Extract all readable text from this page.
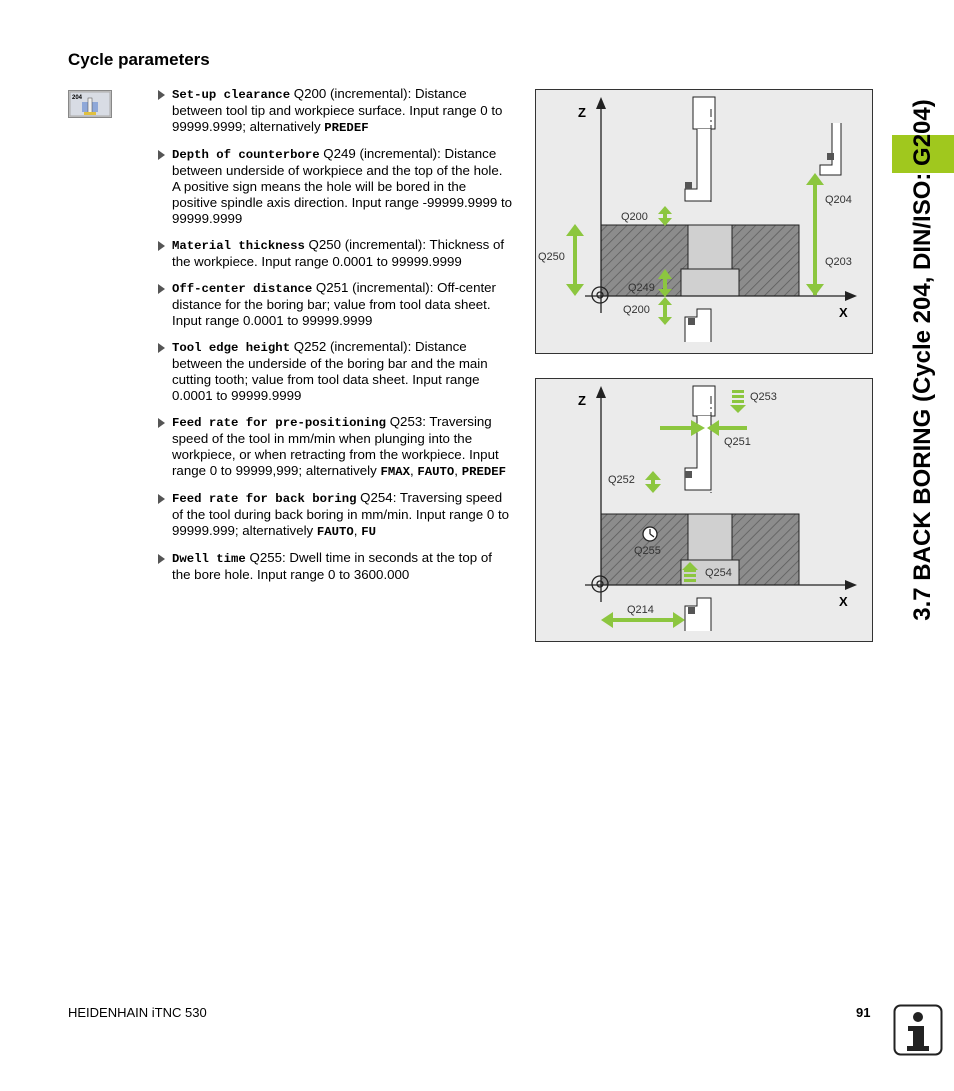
Cycle parameters
204	Set-up clearance Q200 (incremental): Distance between tool tip and workpiece surface. Input range 0 to 99999.9999; alternatively PREDEF
Depth of counterbore Q249 (incremental): Distance between underside of workpiece and the top of the hole. A positive sign means the hole will be bored in the positive spindle axis direction. Input range -99999.9999 to 99999.9999
Material thickness Q250 (incremental): Thickness of the workpiece. Input range 0.0001 to 99999.9999
Off-center distance Q251 (incremental): Off-center distance for the boring bar; value from tool data sheet. Input range 0.0001 to 99999.9999
Tool edge height Q252 (incremental): Distance between the underside of the boring bar and the main cutting tooth; value from tool data sheet. Input range 0.0001 to 99999.9999
Feed rate for pre-positioning Q253: Traversing speed of the tool in mm/min when plunging into the workpiece, or when retracting from the workpiece. Input range 0 to 99999,999; alternatively FMAX, FAUTO, PREDEF
Feed rate for back boring Q254: Traversing speed of the tool during back boring in mm/min. Input range 0 to 99999.999; alternatively FAUTO, FU
Dwell time Q255: Dwell time in seconds at the top of the bore hole. Input range 0 to 3600.000
Z
X
Q200
Q204
Q250	Q203
Q249
Q200
Z
X
Q253
Q251
Q252
Q255
Q254
Q214	3.7 BACK BORING (Cycle 204, DIN/ISO: G204)
HEIDENHAIN iTNC 530	91
